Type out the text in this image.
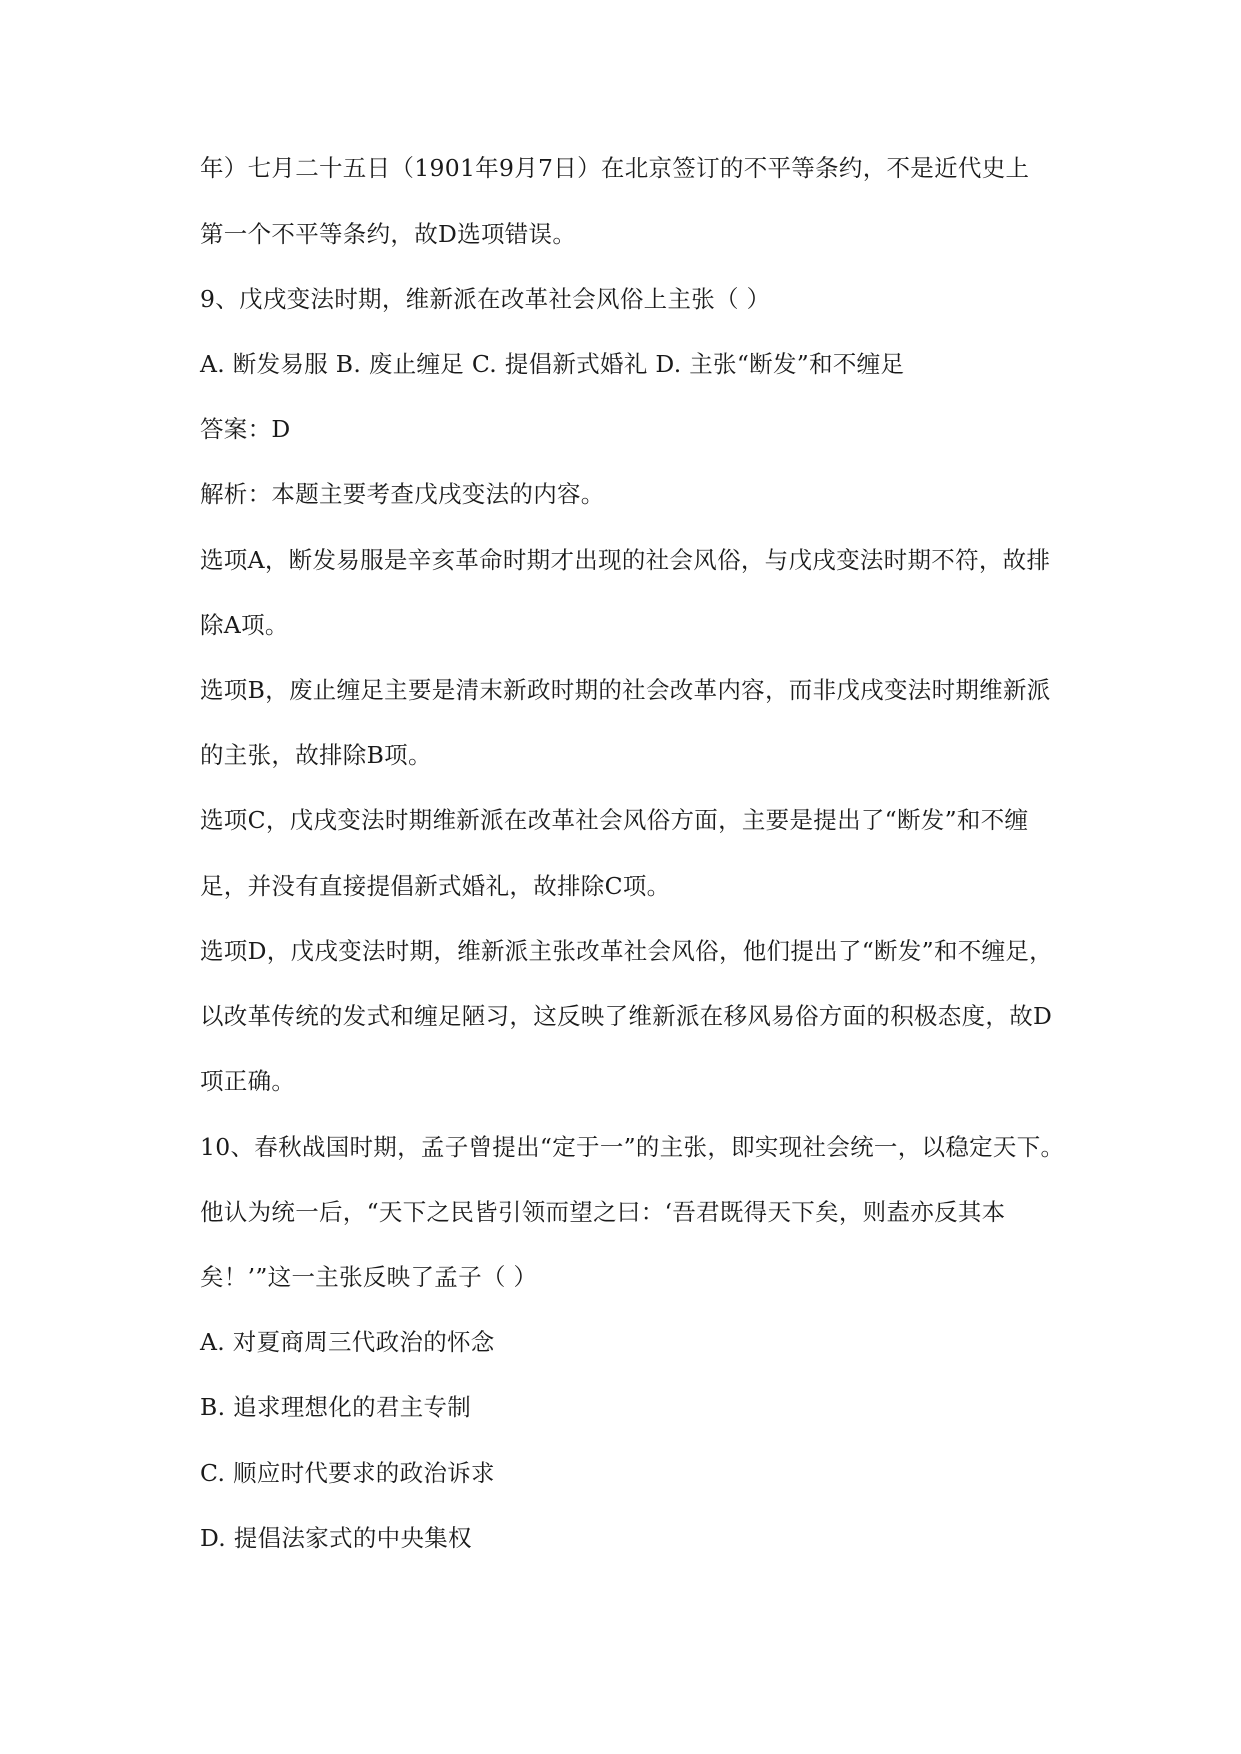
年）七月二十五日（1901年9月7日）在北京签订的不平等条约，不是近代史上
第一个不平等条约，故D选项错误。
9、戊戌变法时期，维新派在改革社会风俗上主张（ ）
A. 断发易服 B. 废止缠足 C. 提倡新式婚礼 D. 主张“断发”和不缠足
答案：D
解析：本题主要考查戊戌变法的内容。
选项A，断发易服是辛亥革命时期才出现的社会风俗，与戊戌变法时期不符，故排
除A项。
选项B，废止缠足主要是清末新政时期的社会改革内容，而非戊戌变法时期维新派
的主张，故排除B项。
选项C，戊戌变法时期维新派在改革社会风俗方面，主要是提出了“断发”和不缠
足，并没有直接提倡新式婚礼，故排除C项。
选项D，戊戌变法时期，维新派主张改革社会风俗，他们提出了“断发”和不缠足，
以改革传统的发式和缠足陋习，这反映了维新派在移风易俗方面的积极态度，故D
项正确。
10、春秋战国时期，孟子曾提出“定于一”的主张，即实现社会统一，以稳定天下。
他认为统一后，“天下之民皆引领而望之曰：‘吾君既得天下矣，则盍亦反其本
矣！’”这一主张反映了孟子（ ）
A. 对夏商周三代政治的怀念
B. 追求理想化的君主专制
C. 顺应时代要求的政治诉求
D. 提倡法家式的中央集权
